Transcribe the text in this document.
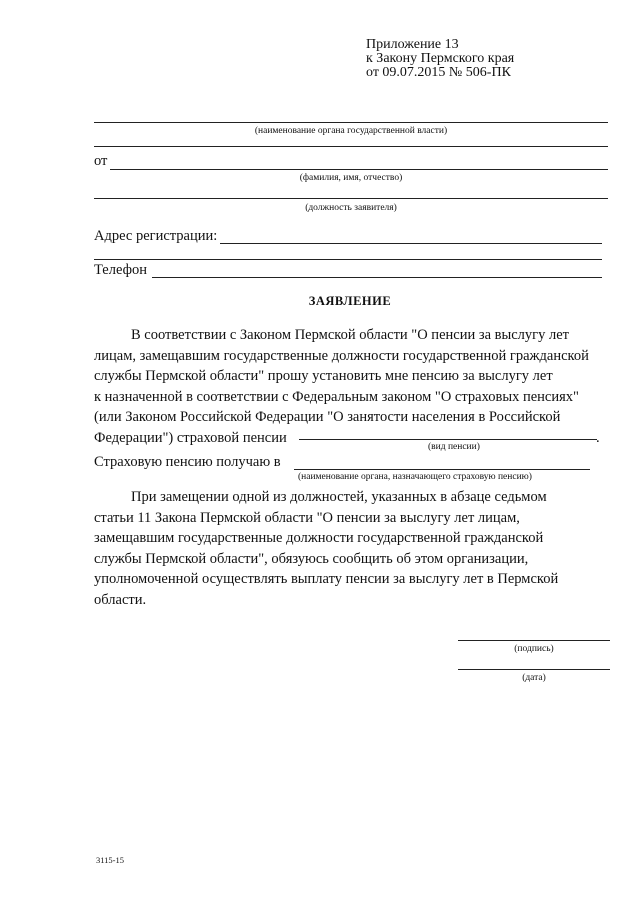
Приложение 13
к Закону Пермского края
от 09.07.2015 № 506-ПК
(наименование органа государственной власти)
от
(фамилия, имя, отчество)
(должность заявителя)
Адрес регистрации:
Телефон
ЗАЯВЛЕНИЕ
В соответствии с Законом Пермской области "О пенсии за выслугу лет
лицам, замещавшим государственные должности государственной гражданской
службы Пермской области" прошу установить мне пенсию за выслугу лет
к назначенной в соответствии с Федеральным законом "О страховых пенсиях"
(или Законом Российской Федерации "О занятости населения в Российской
Федерации") страховой пенсии	.
(вид пенсии)
Страховую пенсию получаю в
(наименование органа, назначающего страховую пенсию)
При замещении одной из должностей, указанных в абзаце седьмом
статьи 11 Закона Пермской области "О пенсии за выслугу лет лицам,
замещавшим государственные должности государственной гражданской
службы Пермской области", обязуюсь сообщить об этом организации,
уполномоченной осуществлять выплату пенсии за выслугу лет в Пермской
области.
(подпись)
(дата)
3115-15
